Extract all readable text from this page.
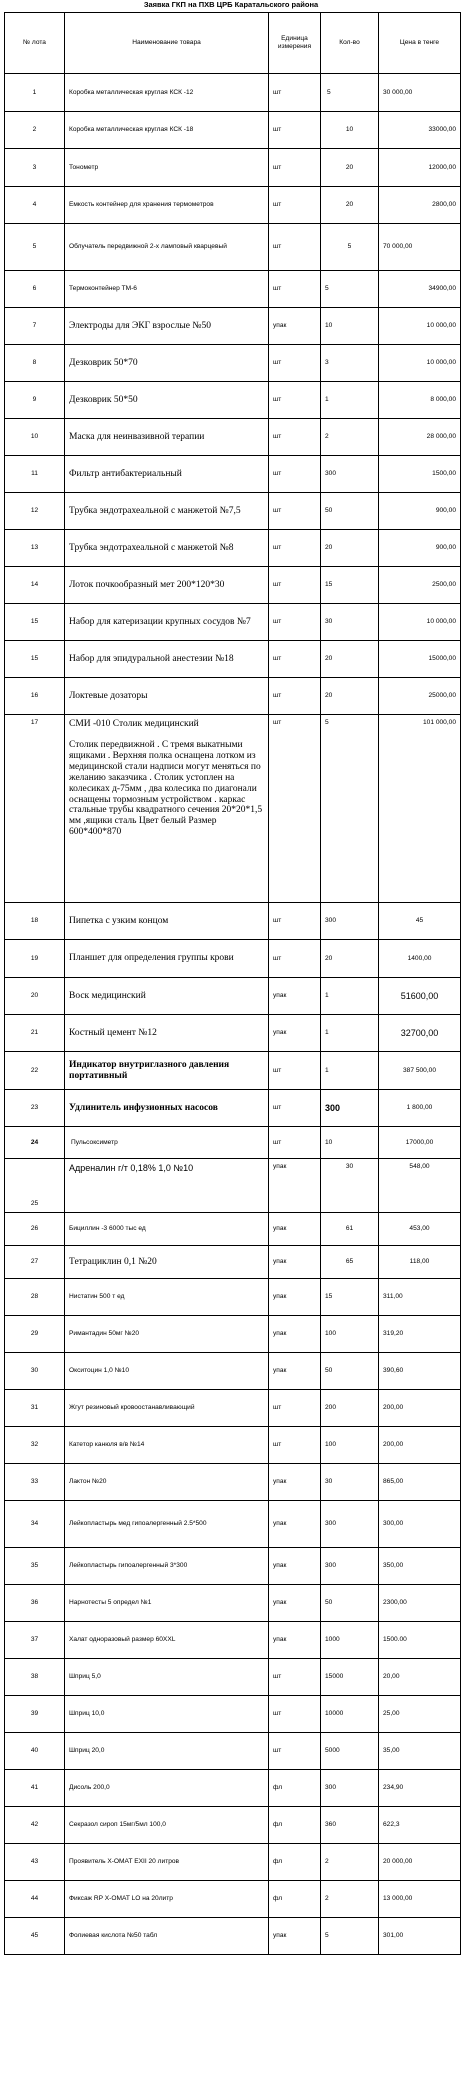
Заявка ГКП на ПХВ ЦРБ Каратальского района
№ лота	Наименование товара	Единица измерения	Кол-во	Цена в тенге
1	Коробка металлическая круглая КСК -12	шт	5	30 000,00
2	Коробка металлическая круглая КСК -18	шт	10	33000,00
3	Тонометр	шт	20	12000,00
4	Емкость контейнер для хранения термометров	шт	20	2800,00
5	Облучатель передвижной 2-х ламповый кварцевый	шт	5	70 000,00
6	Термоконтейнер ТМ-6	шт	5	34900,00
7	Электроды для ЭКГ взрослые №50	упак	10	10 000,00
8	Дезковрик 50*70	шт	3	10 000,00
9	Дезковрик 50*50	шт	1	8 000,00
10	Маска для неинвазивной терапии	шт	2	28 000,00
11	Фильтр антибактериальный	шт	300	1500,00
12	Трубка эндотрахеальной с манжетой №7,5	шт	50	900,00
13	Трубка эндотрахеальной с манжетой №8	шт	20	900,00
14	Лоток почкообразный мет 200*120*30	шт	15	2500,00
15	Набор для катеризации крупных сосудов №7	шт	30	10 000,00
15	Набор для эпидуральной анестезии №18	шт	20	15000,00
16	Локтевые дозаторы	шт	20	25000,00
17	СМИ -010 Столик медицинский
Столик передвижной . С тремя выкатными ящиками . Верхняя полка оснащена лотком из медицинской стали надписи могут меняться по желанию заказчика . Столик устоплен на колесиках д-75мм , два колесика по диагонали оснащены тормозным устройством . каркас стальные трубы квадратного сечения 20*20*1,5 мм ,ящики сталь Цвет белый Размер 600*400*870	шт	5	101 000,00
18	Пипетка с узким концом	шт	300	45
19	Планшет для определения группы крови	шт	20	1400,00
20	Воск медицинский	упак	1	51600,00
21	Костный цемент №12	упак	1	32700,00
22	Индикатор внутриглазного давления портативный	шт	1	387 500,00
23	Удлинитель инфузионных насосов	шт	300	1 800,00
24	Пульсоксиметр	шт	10	17000,00
25	Адреналин г/т 0,18% 1,0 №10	упак	30	548,00
26	Бициллин -3 6000 тыс ед	упак	61	453,00
27	Тетрациклин 0,1 №20	упак	65	118,00
28	Нистатин 500 т ед	упак	15	311,00
29	Римантадин 50мг №20	упак	100	319,20
30	Окситоцин 1,0 №10	упак	50	390,60
31	Жгут резиновый кровоостанавливающий	шт	200	200,00
32	Катетор канюля в/в №14	шт	100	200,00
33	Лактон №20	упак	30	865,00
34	Лейкопластырь мед гипоалергенный 2.5*500	упак	300	300,00
35	Лейкопластырь гипоалергенный 3*300	упак	300	350,00
36	Нарнотесты 5 определ №1	упак	50	2300,00
37	Халат одноразовый размер 60XXL	упак	1000	1500.00
38	Шприц 5,0	шт	15000	20,00
39	Шприц 10,0	шт	10000	25,00
40	Шприц 20,0	шт	5000	35,00
41	Дисоль 200,0	фл	300	234,90
42	Секразол сироп 15мг/5мл 100,0	фл	360	622,3
43	Проявитель X-OMAT EXII 20 литров	фл	2	20 000,00
44	Фиксаж RP X-OMAT LO на 20литр	фл	2	13 000,00
45	Фолиевая кислота №50 табл	упак	5	301,00
